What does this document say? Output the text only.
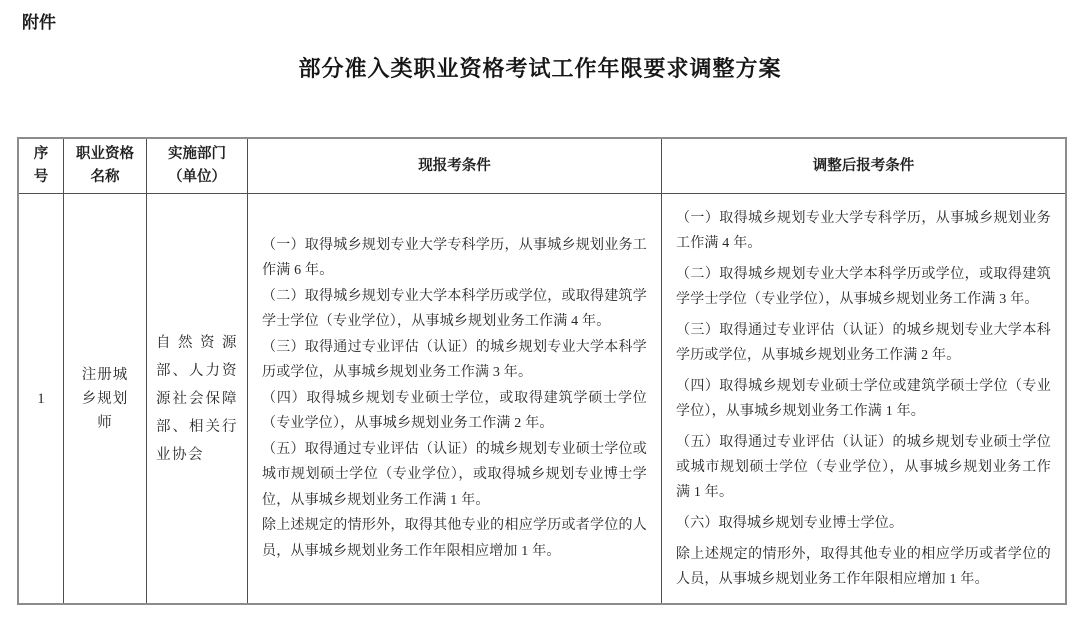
附件
部分准入类职业资格考试工作年限要求调整方案
序号
职业资格名称
实施部门（单位）
现报考条件	调整后报考条件
1
注册城乡规划师
自然资源部、人力资源社会保障部、相关行业协会

（一）取得城乡规划专业大学专科学历，从事城乡规划业务工作满 6 年。

（二）取得城乡规划专业大学本科学历或学位，或取得建筑学学士学位（专业学位），从事城乡规划业务工作满 4 年。

（三）取得通过专业评估（认证）的城乡规划专业大学本科学历或学位，从事城乡规划业务工作满 3 年。

（四）取得城乡规划专业硕士学位，或取得建筑学硕士学位（专业学位），从事城乡规划业务工作满 2 年。

（五）取得通过专业评估（认证）的城乡规划专业硕士学位或城市规划硕士学位（专业学位），或取得城乡规划专业博士学位，从事城乡规划业务工作满 1 年。

除上述规定的情形外，取得其他专业的相应学历或者学位的人员，从事城乡规划业务工作年限相应增加 1 年。

（一）取得城乡规划专业大学专科学历，从事城乡规划业务工作满 4 年。

（二）取得城乡规划专业大学本科学历或学位，或取得建筑学学士学位（专业学位），从事城乡规划业务工作满 3 年。

（三）取得通过专业评估（认证）的城乡规划专业大学本科学历或学位，从事城乡规划业务工作满 2 年。

（四）取得城乡规划专业硕士学位或建筑学硕士学位（专业学位），从事城乡规划业务工作满 1 年。

（五）取得通过专业评估（认证）的城乡规划专业硕士学位或城市规划硕士学位（专业学位），从事城乡规划业务工作满 1 年。

（六）取得城乡规划专业博士学位。

除上述规定的情形外，取得其他专业的相应学历或者学位的人员，从事城乡规划业务工作年限相应增加 1 年。
